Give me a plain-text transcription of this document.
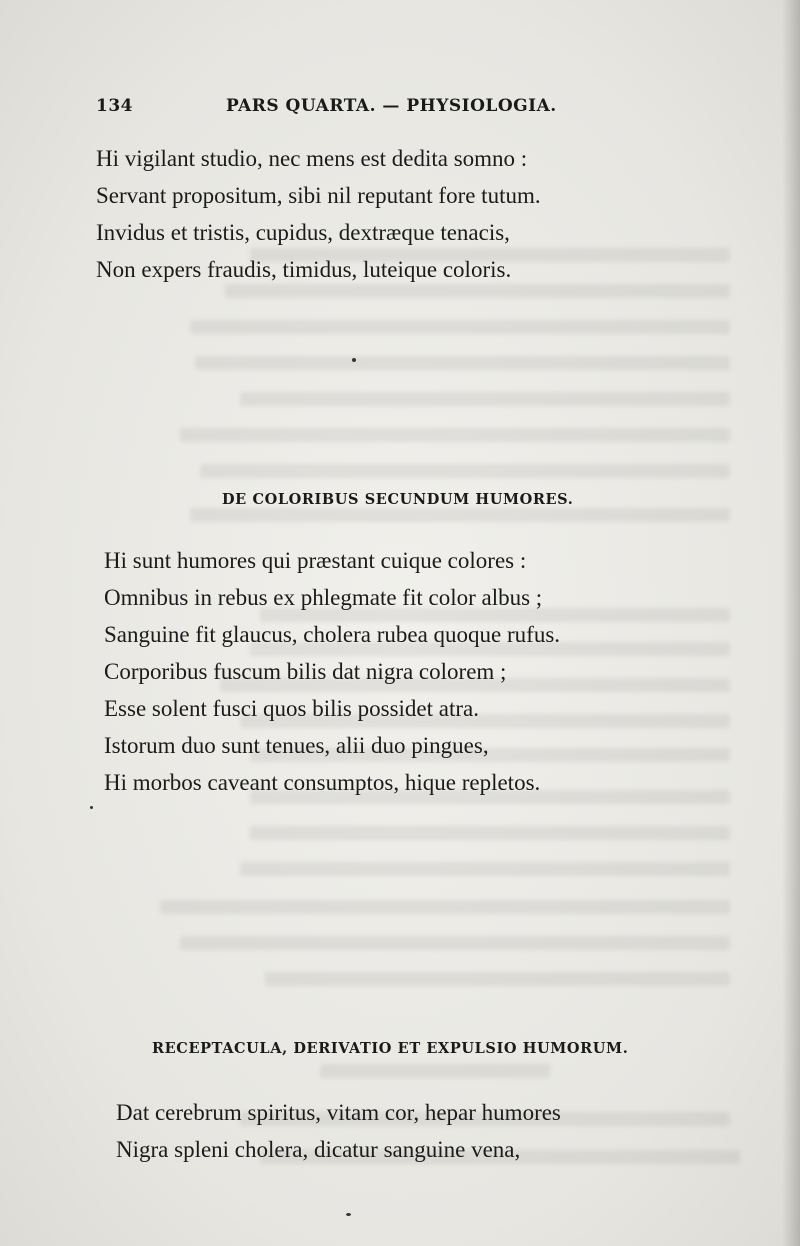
134	PARS QUARTA. — PHYSIOLOGIA.
Hi vigilant studio, nec mens est dedita somno :
Servant propositum, sibi nil reputant fore tutum.
Invidus et tristis, cupidus, dextræque tenacis,
Non expers fraudis, timidus, luteique coloris.
DE COLORIBUS SECUNDUM HUMORES.
Hi sunt humores qui præstant cuique colores :
Omnibus in rebus ex phlegmate fit color albus ;
Sanguine fit glaucus, cholera rubea quoque rufus.
Corporibus fuscum bilis dat nigra colorem ;
Esse solent fusci quos bilis possidet atra.
Istorum duo sunt tenues, alii duo pingues,
Hi morbos caveant consumptos, hique repletos.
RECEPTACULA, DERIVATIO ET EXPULSIO HUMORUM.
Dat cerebrum spiritus, vitam cor, hepar humores
Nigra spleni cholera, dicatur sanguine vena,
